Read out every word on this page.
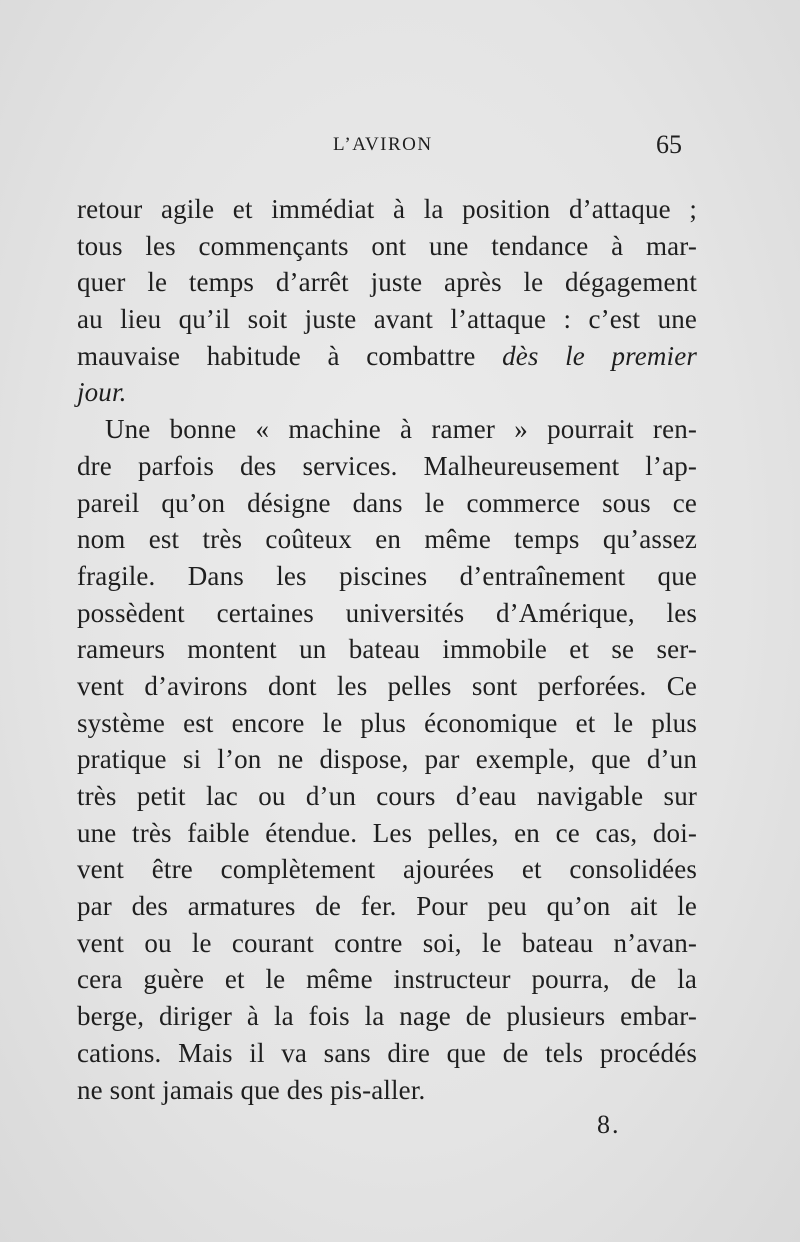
L’AVIRON	65
retour agile et immédiat à la position d’attaque ;
tous les commençants ont une tendance à mar-
quer le temps d’arrêt juste après le dégagement
au lieu qu’il soit juste avant l’attaque : c’est une
mauvaise habitude à combattre dès le premier
jour.
Une bonne « machine à ramer » pourrait ren-
dre parfois des services. Malheureusement l’ap-
pareil qu’on désigne dans le commerce sous ce
nom est très coûteux en même temps qu’assez
fragile. Dans les piscines d’entraînement que
possèdent certaines universités d’Amérique, les
rameurs montent un bateau immobile et se ser-
vent d’avirons dont les pelles sont perforées. Ce
système est encore le plus économique et le plus
pratique si l’on ne dispose, par exemple, que d’un
très petit lac ou d’un cours d’eau navigable sur
une très faible étendue. Les pelles, en ce cas, doi-
vent être complètement ajourées et consolidées
par des armatures de fer. Pour peu qu’on ait le
vent ou le courant contre soi, le bateau n’avan-
cera guère et le même instructeur pourra, de la
berge, diriger à la fois la nage de plusieurs embar-
cations. Mais il va sans dire que de tels procédés
ne sont jamais que des pis-aller.
8.
